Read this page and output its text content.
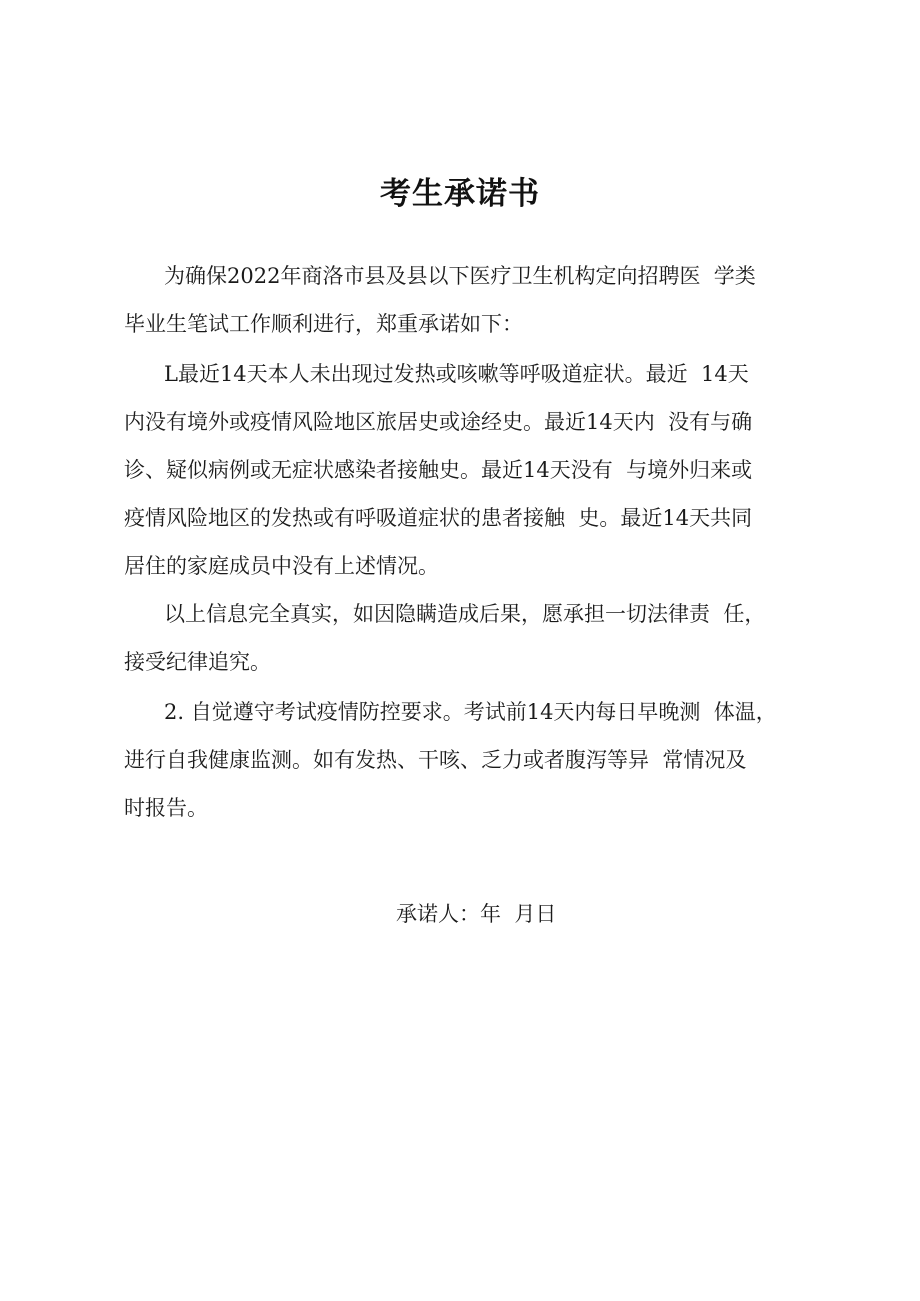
考生承诺书

为确保2022年商洛市县及县以下医疗卫生机构定向招聘医  学类

毕业生笔试工作顺利进行，郑重承诺如下：

L最近14天本人未出现过发热或咳嗽等呼吸道症状。最近  14天

内没有境外或疫情风险地区旅居史或途经史。最近14天内  没有与确

诊、疑似病例或无症状感染者接触史。最近14天没有  与境外归来或

疫情风险地区的发热或有呼吸道症状的患者接触  史。最近14天共同

居住的家庭成员中没有上述情况。

以上信息完全真实，如因隐瞒造成后果，愿承担一切法律责  任，

接受纪律追究。

2. 自觉遵守考试疫情防控要求。考试前14天内每日早晚测  体温，

进行自我健康监测。如有发热、干咳、乏力或者腹泻等异  常情况及

时报告。

承诺人：年  月日
